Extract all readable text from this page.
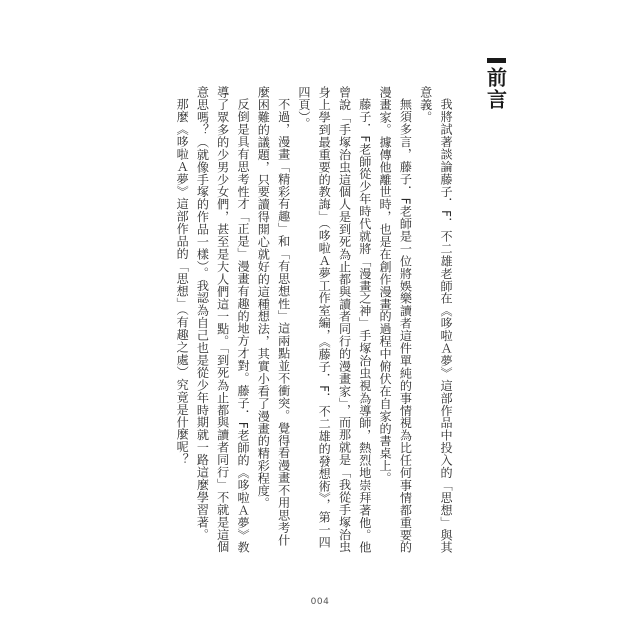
前言

我將試著談論藤子．F．不二雄老師在《哆啦Ａ夢》這部作品中投入的「思想」與其意義。

無須多言，藤子．F老師是一位將娛樂讀者這件單純的事情視為比任何事情都重要的漫畫家。據傳他離世時，也是在創作漫畫的過程中俯伏在自家的書桌上。

藤子．F老師從少年時代就將「漫畫之神」手塚治虫視為導師，熱烈地崇拜著他。他曾說「手塚治虫這個人是到死為止都與讀者同行的漫畫家」，而那就是「我從手塚治虫身上學到最重要的教誨」（哆啦Ａ夢工作室編，《藤子．F．不二雄的發想術》，第一四四頁）。

不過，漫畫「精彩有趣」和「有思想性」這兩點並不衝突。覺得看漫畫不用思考什麼困難的議題，只要讀得開心就好的這種想法，其實小看了漫畫的精彩程度。

反倒是具有思考性才「正是」漫畫有趣的地方才對。藤子．F老師的《哆啦Ａ夢》教導了眾多的少男少女們，甚至是大人們這一點。「到死為止都與讀者同行」不就是這個意思嗎？（就像手塚的作品一樣）。我認為自己也是從少年時期就一路這麼學習著。

那麼《哆啦Ａ夢》這部作品的「思想」（有趣之處）究竟是什麼呢？

004
